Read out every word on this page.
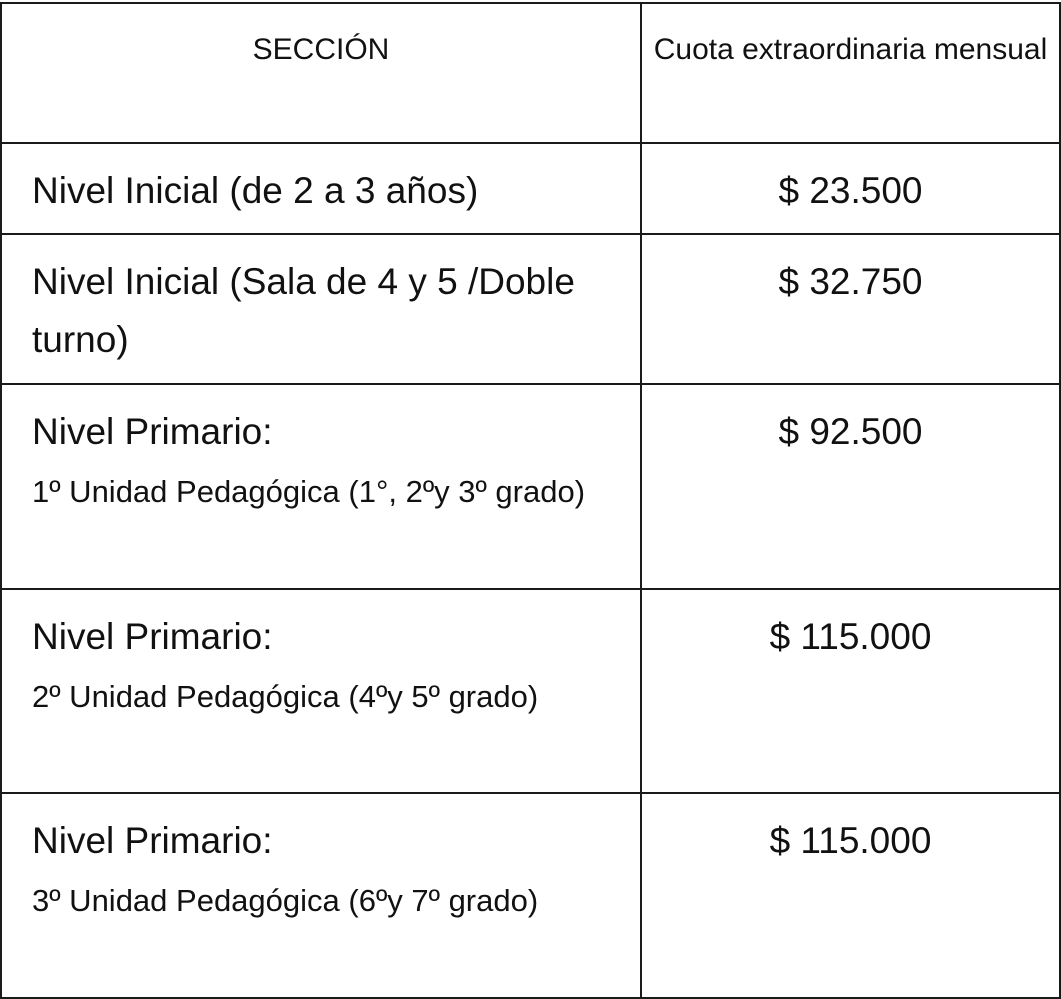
SECCIÓN	Cuota extraordinaria mensual

Nivel Inicial (de 2 a 3 años)	$ 23.500

Nivel Inicial (Sala de 4 y 5 /Doble turno)	$ 32.750

Nivel Primario:
1º Unidad Pedagógica (1°, 2ºy 3º grado)	$ 92.500

Nivel Primario:
2º Unidad Pedagógica (4ºy 5º grado)	$ 115.000

Nivel Primario:
3º Unidad Pedagógica (6ºy 7º grado)	$ 115.000
